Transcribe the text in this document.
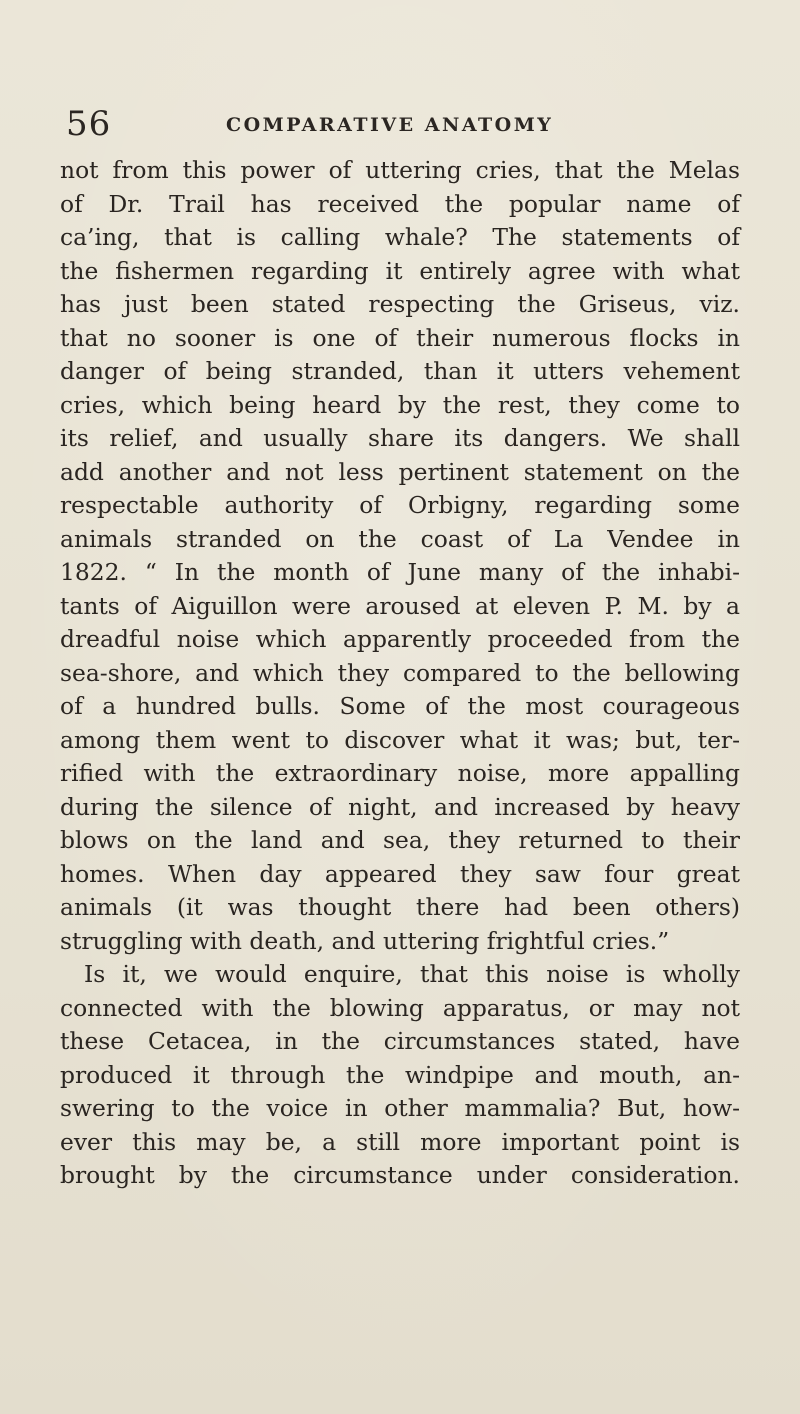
56	COMPARATIVE ANATOMY
not from this power of uttering cries, that the Melas
of Dr. Trail has received the popular name of
ca’ing, that is calling whale? The statements of
the fishermen regarding it entirely agree with what
has just been stated respecting the Griseus, viz.
that no sooner is one of their numerous flocks in
danger of being stranded, than it utters vehement
cries, which being heard by the rest, they come to
its relief, and usually share its dangers. We shall
add another and not less pertinent statement on the
respectable authority of Orbigny, regarding some
animals stranded on the coast of La Vendee in
1822. “ In the month of June many of the inhabi-
tants of Aiguillon were aroused at eleven P. M. by a
dreadful noise which apparently proceeded from the
sea-shore, and which they compared to the bellowing
of a hundred bulls. Some of the most courageous
among them went to discover what it was; but, ter-
rified with the extraordinary noise, more appalling
during the silence of night, and increased by heavy
blows on the land and sea, they returned to their
homes. When day appeared they saw four great
animals (it was thought there had been others)
struggling with death, and uttering frightful cries.”
Is it, we would enquire, that this noise is wholly
connected with the blowing apparatus, or may not
these Cetacea, in the circumstances stated, have
produced it through the windpipe and mouth, an-
swering to the voice in other mammalia? But, how-
ever this may be, a still more important point is
brought by the circumstance under consideration.
